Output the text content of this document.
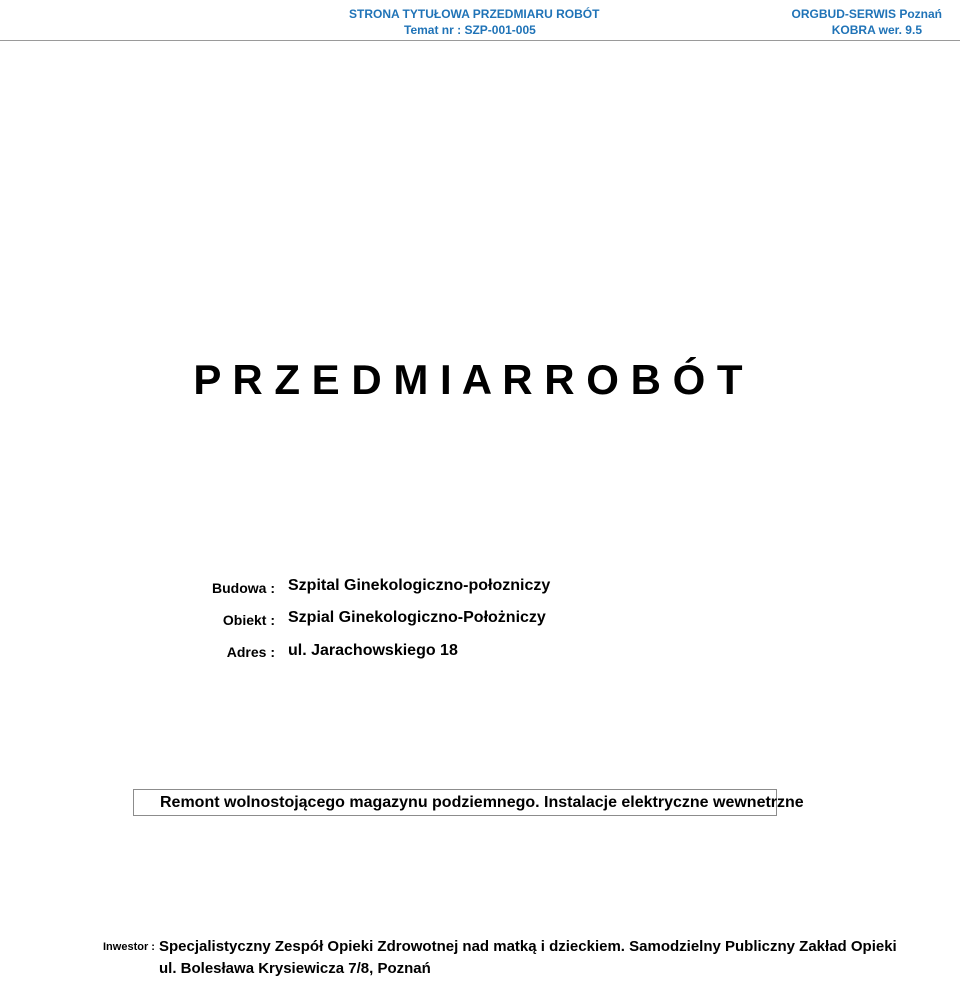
STRONA TYTUŁOWA PRZEDMIARU ROBÓT
Temat nr : SZP-001-005
ORGBUD-SERWIS Poznań
KOBRA wer. 9.5
P R Z E D M I A R R O B Ó T
Budowa : Szpital Ginekologiczno-połozniczy
Obiekt : Szpial Ginekologiczno-Położniczy
Adres : ul. Jarachowskiego 18
Remont wolnostojącego magazynu podziemnego. Instalacje elektryczne wewnetrzne
Inwestor : Specjalistyczny Zespół Opieki Zdrowotnej nad matką i dzieckiem. Samodzielny Publiczny Zakład Opieki
ul. Bolesława Krysiewicza 7/8, Poznań
